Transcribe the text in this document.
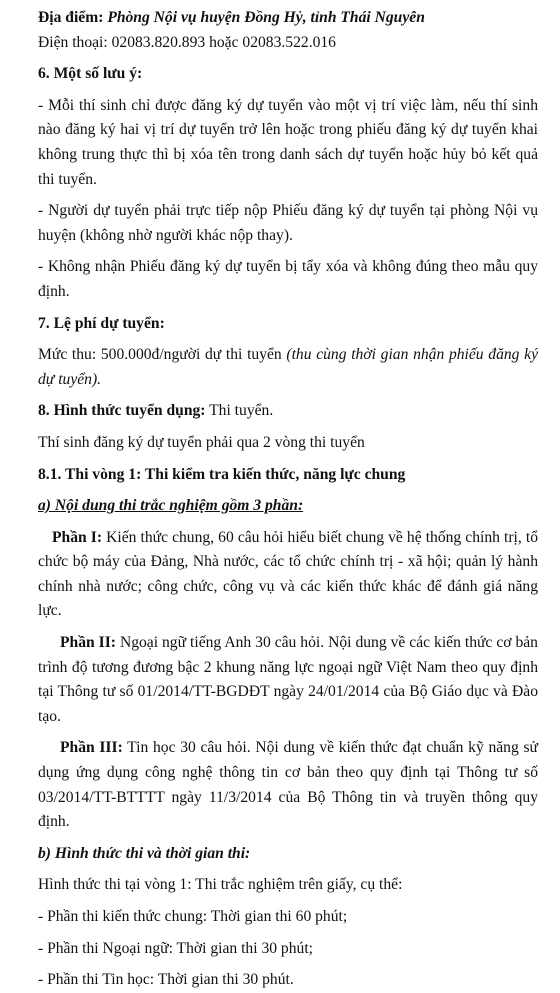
Địa điểm: Phòng Nội vụ huyện Đồng Hỷ, tỉnh Thái Nguyên

Điện thoại: 02083.820.893 hoặc 02083.522.016

6. Một số lưu ý:

- Mỗi thí sinh chỉ được đăng ký dự tuyển vào một vị trí việc làm, nếu thí sinh nào đăng ký hai vị trí dự tuyển trở lên hoặc trong phiếu đăng ký dự tuyển khai không trung thực thì bị xóa tên trong danh sách dự tuyển hoặc hủy bỏ kết quả thi tuyển.

- Người dự tuyển phải trực tiếp nộp Phiếu đăng ký dự tuyển tại phòng Nội vụ huyện (không nhờ người khác nộp thay).

- Không nhận Phiếu đăng ký dự tuyển bị tẩy xóa và không đúng theo mẫu quy định.

7. Lệ phí dự tuyển:

Mức thu: 500.000đ/người dự thi tuyển (thu cùng thời gian nhận phiếu đăng ký dự tuyển).

8. Hình thức tuyển dụng: Thi tuyển.

Thí sinh đăng ký dự tuyển phải qua 2 vòng thi tuyển

8.1. Thi vòng 1: Thi kiểm tra kiến thức, năng lực chung

a) Nội dung thi trắc nghiệm gồm 3 phần:

Phần I: Kiến thức chung, 60 câu hỏi hiểu biết chung về hệ thống chính trị, tổ chức bộ máy của Đảng, Nhà nước, các tổ chức chính trị - xã hội; quản lý hành chính nhà nước; công chức, công vụ và các kiến thức khác để đánh giá năng lực.

Phần II: Ngoại ngữ tiếng Anh 30 câu hỏi. Nội dung về các kiến thức cơ bản trình độ tương đương bậc 2 khung năng lực ngoại ngữ Việt Nam theo quy định tại Thông tư số 01/2014/TT-BGDĐT ngày 24/01/2014 của Bộ Giáo dục và Đào tạo.

Phần III: Tin học 30 câu hỏi. Nội dung về kiến thức đạt chuẩn kỹ năng sử dụng ứng dụng công nghệ thông tin cơ bản theo quy định tại Thông tư số 03/2014/TT-BTTTT ngày 11/3/2014 của Bộ Thông tin và truyền thông quy định.

b) Hình thức thi và thời gian thi:

Hình thức thi tại vòng 1: Thi trắc nghiệm trên giấy, cụ thể:

- Phần thi kiến thức chung: Thời gian thi 60 phút;

- Phần thi Ngoại ngữ: Thời gian thi 30 phút;

- Phần thi Tin học: Thời gian thi 30 phút.
